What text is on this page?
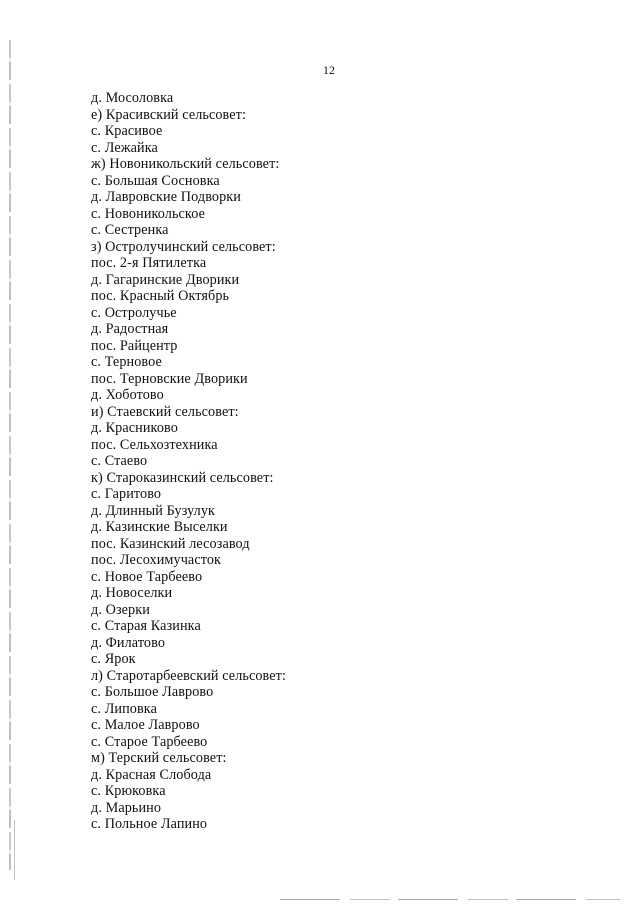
12
д. Мосоловка
е) Красивский сельсовет:
с. Красивое
с. Лежайка
ж) Новоникольский сельсовет:
с. Большая Сосновка
д. Лавровские Подворки
с. Новоникольское
с. Сестренка
з) Остролучинский сельсовет:
пос. 2-я Пятилетка
д. Гагаринские Дворики
пос. Красный Октябрь
с. Остролучье
д. Радостная
пос. Райцентр
с. Терновое
пос. Терновские Дворики
д. Хоботово
и) Стаевский сельсовет:
д. Красниково
пос. Сельхозтехника
с. Стаево
к) Староказинский сельсовет:
с. Гаритово
д. Длинный Бузулук
д. Казинские Выселки
пос. Казинский лесозавод
пос. Лесохимучасток
с. Новое Тарбеево
д. Новоселки
д. Озерки
с. Старая Казинка
д. Филатово
с. Ярок
л) Старотарбеевский сельсовет:
с. Большое Лаврово
с. Липовка
с. Малое Лаврово
с. Старое Тарбеево
м) Терский сельсовет:
д. Красная Слобода
с. Крюковка
д. Марьино
с. Польное Лапино
